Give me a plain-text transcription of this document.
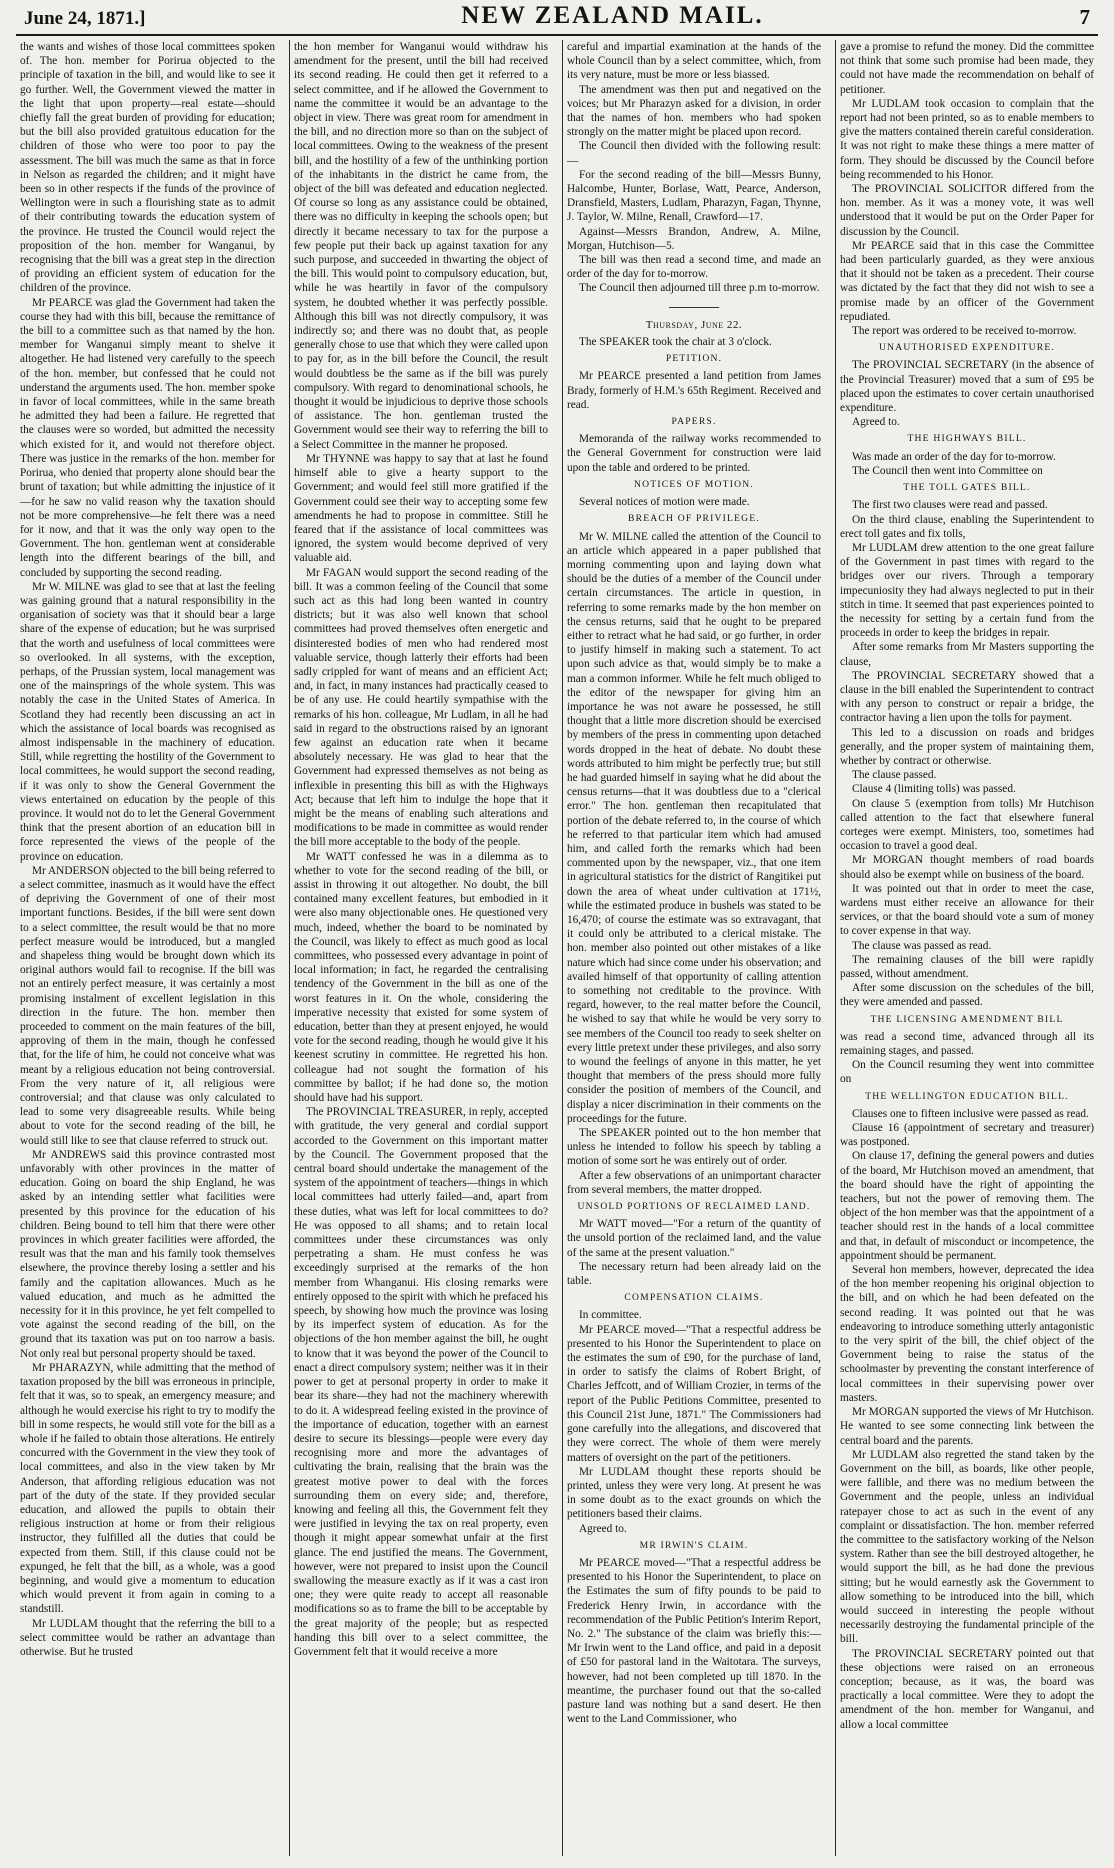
June 24, 1871.]	NEW ZEALAND MAIL.	7

the wants and wishes of those local committees spoken of. The hon. member for Porirua objected to the principle of taxation in the bill, and would like to see it go further. Well, the Government viewed the matter in the light that upon property—real estate—should chiefly fall the great burden of providing for education; but the bill also provided gratuitous education for the children of those who were too poor to pay the assessment. The bill was much the same as that in force in Nelson as regarded the children; and it might have been so in other respects if the funds of the province of Wellington were in such a flourishing state as to admit of their contributing towards the education system of the province. He trusted the Council would reject the proposition of the hon. member for Wanganui, by recognising that the bill was a great step in the direction of providing an efficient system of education for the children of the province.

Mr PEARCE was glad the Government had taken the course they had with this bill, because the remittance of the bill to a committee such as that named by the hon. member for Wanganui simply meant to shelve it altogether. He had listened very carefully to the speech of the hon. member, but confessed that he could not understand the arguments used. The hon. member spoke in favor of local committees, while in the same breath he admitted they had been a failure. He regretted that the clauses were so worded, but admitted the necessity which existed for it, and would not therefore object. There was justice in the remarks of the hon. member for Porirua, who denied that property alone should bear the brunt of taxation; but while admitting the injustice of it—for he saw no valid reason why the taxation should not be more comprehensive—he felt there was a need for it now, and that it was the only way open to the Government. The hon. gentleman went at considerable length into the different bearings of the bill, and concluded by supporting the second reading.

Mr W. MILNE was glad to see that at last the feeling was gaining ground that a natural responsibility in the organisation of society was that it should bear a large share of the expense of education; but he was surprised that the worth and usefulness of local committees were so overlooked. In all systems, with the exception, perhaps, of the Prussian system, local management was one of the mainsprings of the whole system. This was notably the case in the United States of America. In Scotland they had recently been discussing an act in which the assistance of local boards was recognised as almost indispensable in the machinery of education. Still, while regretting the hostility of the Government to local committees, he would support the second reading, if it was only to show the General Government the views entertained on education by the people of this province. It would not do to let the General Government think that the present abortion of an education bill in force represented the views of the people of the province on education.

Mr ANDERSON objected to the bill being referred to a select committee, inasmuch as it would have the effect of depriving the Government of one of their most important functions. Besides, if the bill were sent down to a select committee, the result would be that no more perfect measure would be introduced, but a mangled and shapeless thing would be brought down which its original authors would fail to recognise. If the bill was not an entirely perfect measure, it was certainly a most promising instalment of excellent legislation in this direction in the future. The hon. member then proceeded to comment on the main features of the bill, approving of them in the main, though he confessed that, for the life of him, he could not conceive what was meant by a religious education not being controversial. From the very nature of it, all religious were controversial; and that clause was only calculated to lead to some very disagreeable results. While being about to vote for the second reading of the bill, he would still like to see that clause referred to struck out.

Mr ANDREWS said this province contrasted most unfavorably with other provinces in the matter of education. Going on board the ship England, he was asked by an intending settler what facilities were presented by this province for the education of his children. Being bound to tell him that there were other provinces in which greater facilities were afforded, the result was that the man and his family took themselves elsewhere, the province thereby losing a settler and his family and the capitation allowances. Much as he valued education, and much as he admitted the necessity for it in this province, he yet felt compelled to vote against the second reading of the bill, on the ground that its taxation was put on too narrow a basis. Not only real but personal property should be taxed.

Mr PHARAZYN, while admitting that the method of taxation proposed by the bill was erroneous in principle, felt that it was, so to speak, an emergency measure; and although he would exercise his right to try to modify the bill in some respects, he would still vote for the bill as a whole if he failed to obtain those alterations. He entirely concurred with the Government in the view they took of local committees, and also in the view taken by Mr Anderson, that affording religious education was not part of the duty of the state. If they provided secular education, and allowed the pupils to obtain their religious instruction at home or from their religious instructor, they fulfilled all the duties that could be expected from them. Still, if this clause could not be expunged, he felt that the bill, as a whole, was a good beginning, and would give a momentum to education which would prevent it from again in coming to a standstill.

Mr LUDLAM thought that the referring the bill to a select committee would be rather an advantage than otherwise. But he trusted

the hon member for Wanganui would withdraw his amendment for the present, until the bill had received its second reading. He could then get it referred to a select committee, and if he allowed the Government to name the committee it would be an advantage to the object in view. There was great room for amendment in the bill, and no direction more so than on the subject of local committees. Owing to the weakness of the present bill, and the hostility of a few of the unthinking portion of the inhabitants in the district he came from, the object of the bill was defeated and education neglected. Of course so long as any assistance could be obtained, there was no difficulty in keeping the schools open; but directly it became necessary to tax for the purpose a few people put their back up against taxation for any such purpose, and succeeded in thwarting the object of the bill. This would point to compulsory education, but, while he was heartily in favor of the compulsory system, he doubted whether it was perfectly possible. Although this bill was not directly compulsory, it was indirectly so; and there was no doubt that, as people generally chose to use that which they were called upon to pay for, as in the bill before the Council, the result would doubtless be the same as if the bill was purely compulsory. With regard to denominational schools, he thought it would be injudicious to deprive those schools of assistance. The hon. gentleman trusted the Government would see their way to referring the bill to a Select Committee in the manner he proposed.

Mr THYNNE was happy to say that at last he found himself able to give a hearty support to the Government; and would feel still more gratified if the Government could see their way to accepting some few amendments he had to propose in committee. Still he feared that if the assistance of local committees was ignored, the system would become deprived of very valuable aid.

Mr FAGAN would support the second reading of the bill. It was a common feeling of the Council that some such act as this had long been wanted in country districts; but it was also well known that school committees had proved themselves often energetic and disinterested bodies of men who had rendered most valuable service, though latterly their efforts had been sadly crippled for want of means and an efficient Act; and, in fact, in many instances had practically ceased to be of any use. He could heartily sympathise with the remarks of his hon. colleague, Mr Ludlam, in all he had said in regard to the obstructions raised by an ignorant few against an education rate when it became absolutely necessary. He was glad to hear that the Government had expressed themselves as not being as inflexible in presenting this bill as with the Highways Act; because that left him to indulge the hope that it might be the means of enabling such alterations and modifications to be made in committee as would render the bill more acceptable to the body of the people.

Mr WATT confessed he was in a dilemma as to whether to vote for the second reading of the bill, or assist in throwing it out altogether. No doubt, the bill contained many excellent features, but embodied in it were also many objectionable ones. He questioned very much, indeed, whether the board to be nominated by the Council, was likely to effect as much good as local committees, who possessed every advantage in point of local information; in fact, he regarded the centralising tendency of the Government in the bill as one of the worst features in it. On the whole, considering the imperative necessity that existed for some system of education, better than they at present enjoyed, he would vote for the second reading, though he would give it his keenest scrutiny in committee. He regretted his hon. colleague had not sought the formation of his committee by ballot; if he had done so, the motion should have had his support.

The PROVINCIAL TREASURER, in reply, accepted with gratitude, the very general and cordial support accorded to the Government on this important matter by the Council. The Government proposed that the central board should undertake the management of the system of the appointment of teachers—things in which local committees had utterly failed—and, apart from these duties, what was left for local committees to do? He was opposed to all shams; and to retain local committees under these circumstances was only perpetrating a sham. He must confess he was exceedingly surprised at the remarks of the hon member from Whanganui. His closing remarks were entirely opposed to the spirit with which he prefaced his speech, by showing how much the province was losing by its imperfect system of education. As for the objections of the hon member against the bill, he ought to know that it was beyond the power of the Council to enact a direct compulsory system; neither was it in their power to get at personal property in order to make it bear its share—they had not the machinery wherewith to do it. A widespread feeling existed in the province of the importance of education, together with an earnest desire to secure its blessings—people were every day recognising more and more the advantages of cultivating the brain, realising that the brain was the greatest motive power to deal with the forces surrounding them on every side; and, therefore, knowing and feeling all this, the Government felt they were justified in levying the tax on real property, even though it might appear somewhat unfair at the first glance. The end justified the means. The Government, however, were not prepared to insist upon the Council swallowing the measure exactly as if it was a cast iron one; they were quite ready to accept all reasonable modifications so as to frame the bill to be acceptable by the great majority of the people; but as respected handing this bill over to a select committee, the Government felt that it would receive a more

careful and impartial examination at the hands of the whole Council than by a select committee, which, from its very nature, must be more or less biassed.

The amendment was then put and negatived on the voices; but Mr Pharazyn asked for a division, in order that the names of hon. members who had spoken strongly on the matter might be placed upon record.

The Council then divided with the following result:—

For the second reading of the bill—Messrs Bunny, Halcombe, Hunter, Borlase, Watt, Pearce, Anderson, Dransfield, Masters, Ludlam, Pharazyn, Fagan, Thynne, J. Taylor, W. Milne, Renall, Crawford—17.

Against—Messrs Brandon, Andrew, A. Milne, Morgan, Hutchison—5.

The bill was then read a second time, and made an order of the day for to-morrow.

The Council then adjourned till three p.m to-morrow.

Thursday, June 22.

The SPEAKER took the chair at 3 o'clock.

PETITION.

Mr PEARCE presented a land petition from James Brady, formerly of H.M.'s 65th Regiment. Received and read.

PAPERS.

Memoranda of the railway works recommended to the General Government for construction were laid upon the table and ordered to be printed.

NOTICES OF MOTION.

Several notices of motion were made.

BREACH OF PRIVILEGE.

Mr W. MILNE called the attention of the Council to an article which appeared in a paper published that morning commenting upon and laying down what should be the duties of a member of the Council under certain circumstances. The article in question, in referring to some remarks made by the hon member on the census returns, said that he ought to be prepared either to retract what he had said, or go further, in order to justify himself in making such a statement. To act upon such advice as that, would simply be to make a man a common informer. While he felt much obliged to the editor of the newspaper for giving him an importance he was not aware he possessed, he still thought that a little more discretion should be exercised by members of the press in commenting upon detached words dropped in the heat of debate. No doubt these words attributed to him might be perfectly true; but still he had guarded himself in saying what he did about the census returns—that it was doubtless due to a "clerical error." The hon. gentleman then recapitulated that portion of the debate referred to, in the course of which he referred to that particular item which had amused him, and called forth the remarks which had been commented upon by the newspaper, viz., that one item in agricultural statistics for the district of Rangitikei put down the area of wheat under cultivation at 171½, while the estimated produce in bushels was stated to be 16,470; of course the estimate was so extravagant, that it could only be attributed to a clerical mistake. The hon. member also pointed out other mistakes of a like nature which had since come under his observation; and availed himself of that opportunity of calling attention to something not creditable to the province. With regard, however, to the real matter before the Council, he wished to say that while he would be very sorry to see members of the Council too ready to seek shelter on every little pretext under these privileges, and also sorry to wound the feelings of anyone in this matter, he yet thought that members of the press should more fully consider the position of members of the Council, and display a nicer discrimination in their comments on the proceedings for the future.

The SPEAKER pointed out to the hon member that unless he intended to follow his speech by tabling a motion of some sort he was entirely out of order.

After a few observations of an unimportant character from several members, the matter dropped.

UNSOLD PORTIONS OF RECLAIMED LAND.

Mr WATT moved—"For a return of the quantity of the unsold portion of the reclaimed land, and the value of the same at the present valuation."

The necessary return had been already laid on the table.

COMPENSATION CLAIMS.

In committee.

Mr PEARCE moved—"That a respectful address be presented to his Honor the Superintendent to place on the estimates the sum of £90, for the purchase of land, in order to satisfy the claims of Robert Bright, of Charles Jeffcott, and of William Crozier, in terms of the report of the Public Petitions Committee, presented to this Council 21st June, 1871." The Commissioners had gone carefully into the allegations, and discovered that they were correct. The whole of them were merely matters of oversight on the part of the petitioners.

Mr LUDLAM thought these reports should be printed, unless they were very long. At present he was in some doubt as to the exact grounds on which the petitioners based their claims.

Agreed to.

MR IRWIN'S CLAIM.

Mr PEARCE moved—"That a respectful address be presented to his Honor the Superintendent, to place on the Estimates the sum of fifty pounds to be paid to Frederick Henry Irwin, in accordance with the recommendation of the Public Petition's Interim Report, No. 2." The substance of the claim was briefly this:—Mr Irwin went to the Land office, and paid in a deposit of £50 for pastoral land in the Waitotara. The surveys, however, had not been completed up till 1870. In the meantime, the purchaser found out that the so-called pasture land was nothing but a sand desert. He then went to the Land Commissioner, who

gave a promise to refund the money. Did the committee not think that some such promise had been made, they could not have made the recommendation on behalf of petitioner.

Mr LUDLAM took occasion to complain that the report had not been printed, so as to enable members to give the matters contained therein careful consideration. It was not right to make these things a mere matter of form. They should be discussed by the Council before being recommended to his Honor.

The PROVINCIAL SOLICITOR differed from the hon. member. As it was a money vote, it was well understood that it would be put on the Order Paper for discussion by the Council.

Mr PEARCE said that in this case the Committee had been particularly guarded, as they were anxious that it should not be taken as a precedent. Their course was dictated by the fact that they did not wish to see a promise made by an officer of the Government repudiated.

The report was ordered to be received to-morrow.

UNAUTHORISED EXPENDITURE.

The PROVINCIAL SECRETARY (in the absence of the Provincial Treasurer) moved that a sum of £95 be placed upon the estimates to cover certain unauthorised expenditure.

Agreed to.

THE HIGHWAYS BILL.

Was made an order of the day for to-morrow.

The Council then went into Committee on

THE TOLL GATES BILL.

The first two clauses were read and passed.

On the third clause, enabling the Superintendent to erect toll gates and fix tolls,

Mr LUDLAM drew attention to the one great failure of the Government in past times with regard to the bridges over our rivers. Through a temporary impecuniosity they had always neglected to put in their stitch in time. It seemed that past experiences pointed to the necessity for setting by a certain fund from the proceeds in order to keep the bridges in repair.

After some remarks from Mr Masters supporting the clause,

The PROVINCIAL SECRETARY showed that a clause in the bill enabled the Superintendent to contract with any person to construct or repair a bridge, the contractor having a lien upon the tolls for payment.

This led to a discussion on roads and bridges generally, and the proper system of maintaining them, whether by contract or otherwise.

The clause passed.

Clause 4 (limiting tolls) was passed.

On clause 5 (exemption from tolls) Mr Hutchison called attention to the fact that elsewhere funeral corteges were exempt. Ministers, too, sometimes had occasion to travel a good deal.

Mr MORGAN thought members of road boards should also be exempt while on business of the board.

It was pointed out that in order to meet the case, wardens must either receive an allowance for their services, or that the board should vote a sum of money to cover expense in that way.

The clause was passed as read.

The remaining clauses of the bill were rapidly passed, without amendment.

After some discussion on the schedules of the bill, they were amended and passed.

THE LICENSING AMENDMENT BILL

was read a second time, advanced through all its remaining stages, and passed.

On the Council resuming they went into committee on

THE WELLINGTON EDUCATION BILL.

Clauses one to fifteen inclusive were passed as read.

Clause 16 (appointment of secretary and treasurer) was postponed.

On clause 17, defining the general powers and duties of the board, Mr Hutchison moved an amendment, that the board should have the right of appointing the teachers, but not the power of removing them. The object of the hon member was that the appointment of a teacher should rest in the hands of a local committee and that, in default of misconduct or incompetence, the appointment should be permanent.

Several hon members, however, deprecated the idea of the hon member reopening his original objection to the bill, and on which he had been defeated on the second reading. It was pointed out that he was endeavoring to introduce something utterly antagonistic to the very spirit of the bill, the chief object of the Government being to raise the status of the schoolmaster by preventing the constant interference of local committees in their supervising power over masters.

Mr MORGAN supported the views of Mr Hutchison. He wanted to see some connecting link between the central board and the parents.

Mr LUDLAM also regretted the stand taken by the Government on the bill, as boards, like other people, were fallible, and there was no medium between the Government and the people, unless an individual ratepayer chose to act as such in the event of any complaint or dissatisfaction. The hon. member referred the committee to the satisfactory working of the Nelson system. Rather than see the bill destroyed altogether, he would support the bill, as he had done the previous sitting; but he would earnestly ask the Government to allow something to be introduced into the bill, which would succeed in interesting the people without necessarily destroying the fundamental principle of the bill.

The PROVINCIAL SECRETARY pointed out that these objections were raised on an erroneous conception; because, as it was, the board was practically a local committee. Were they to adopt the amendment of the hon. member for Wanganui, and allow a local committee
